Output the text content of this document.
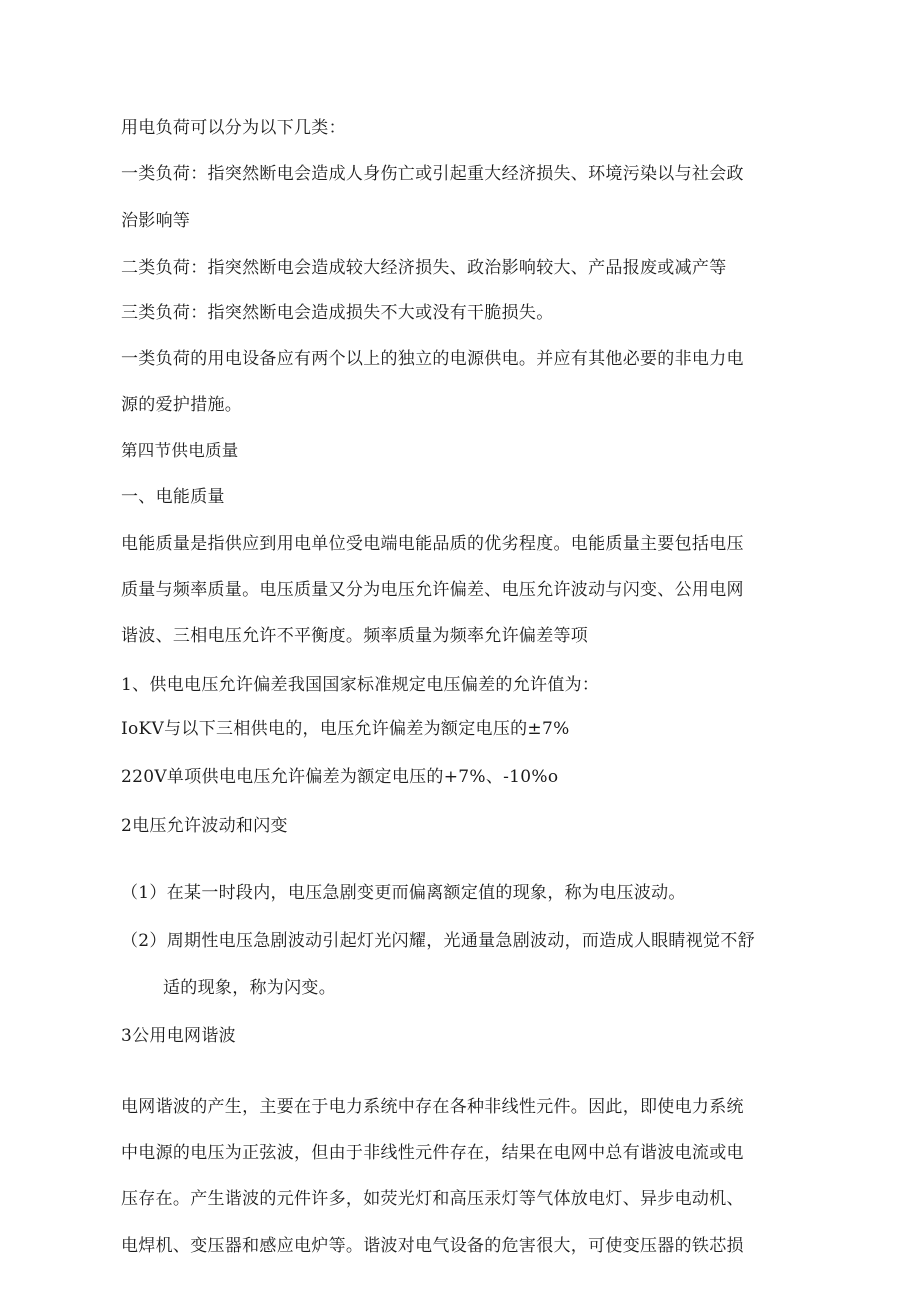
用电负荷可以分为以下几类：
一类负荷：指突然断电会造成人身伤亡或引起重大经济损失、环境污染以与社会政
治影响等
二类负荷：指突然断电会造成较大经济损失、政治影响较大、产品报废或减产等
三类负荷：指突然断电会造成损失不大或没有干脆损失。
一类负荷的用电设备应有两个以上的独立的电源供电。并应有其他必要的非电力电
源的爱护措施。
第四节供电质量
一、电能质量
电能质量是指供应到用电单位受电端电能品质的优劣程度。电能质量主要包括电压
质量与频率质量。电压质量又分为电压允许偏差、电压允许波动与闪变、公用电网
谐波、三相电压允许不平衡度。频率质量为频率允许偏差等项
1、供电电压允许偏差我国国家标准规定电压偏差的允许值为：
IoKV与以下三相供电的，电压允许偏差为额定电压的±7%
220V单项供电电压允许偏差为额定电压的+7%、-10%o
2电压允许波动和闪变
（1）在某一时段内，电压急剧变更而偏离额定值的现象，称为电压波动。
（2）周期性电压急剧波动引起灯光闪耀，光通量急剧波动，而造成人眼睛视觉不舒
适的现象，称为闪变。
3公用电网谐波
电网谐波的产生，主要在于电力系统中存在各种非线性元件。因此，即使电力系统
中电源的电压为正弦波，但由于非线性元件存在，结果在电网中总有谐波电流或电
压存在。产生谐波的元件许多，如荧光灯和高压汞灯等气体放电灯、异步电动机、
电焊机、变压器和感应电炉等。谐波对电气设备的危害很大，可使变压器的铁芯损
